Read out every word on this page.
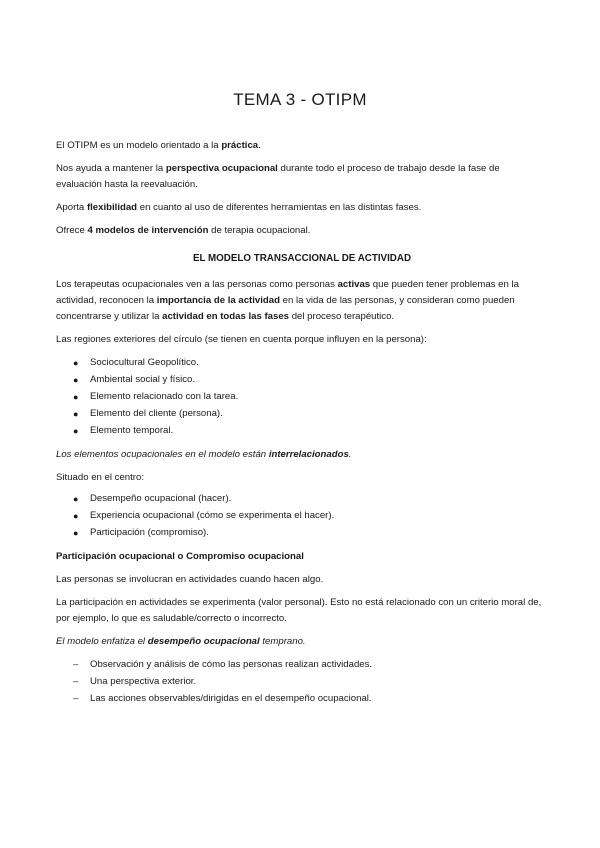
TEMA 3 - OTIPM

El OTIPM es un modelo orientado a la práctica.

Nos ayuda a mantener la perspectiva ocupacional durante todo el proceso de trabajo desde la fase de evaluación hasta la reevaluación.

Aporta flexibilidad en cuanto al uso de diferentes herramientas en las distintas fases.

Ofrece 4 modelos de intervención de terapia ocupacional.

EL MODELO TRANSACCIONAL DE ACTIVIDAD

Los terapeutas ocupacionales ven a las personas como personas activas que pueden tener problemas en la actividad, reconocen la importancia de la actividad en la vida de las personas, y consideran como pueden concentrarse y utilizar la actividad en todas las fases del proceso terapéutico.

Las regiones exteriores del círculo (se tienen en cuenta porque influyen en la persona):

● Sociocultural Geopolítico.
● Ambiental social y físico.
● Elemento relacionado con la tarea.
● Elemento del cliente (persona).
● Elemento temporal.

Los elementos ocupacionales en el modelo están interrelacionados.

Situado en el centro:

● Desempeño ocupacional (hacer).
● Experiencia ocupacional (cómo se experimenta el hacer).
● Participación (compromiso).
Participación ocupacional o Compromiso ocupacional

Las personas se involucran en actividades cuando hacen algo.

La participación en actividades se experimenta (valor personal). Esto no está relacionado con un criterio moral de, por ejemplo, lo que es saludable/correcto o incorrecto.

El modelo enfatiza el desempeño ocupacional temprano.

– Observación y análisis de cómo las personas realizan actividades.
– Una perspectiva exterior.
– Las acciones observables/dirigidas en el desempeño ocupacional.
